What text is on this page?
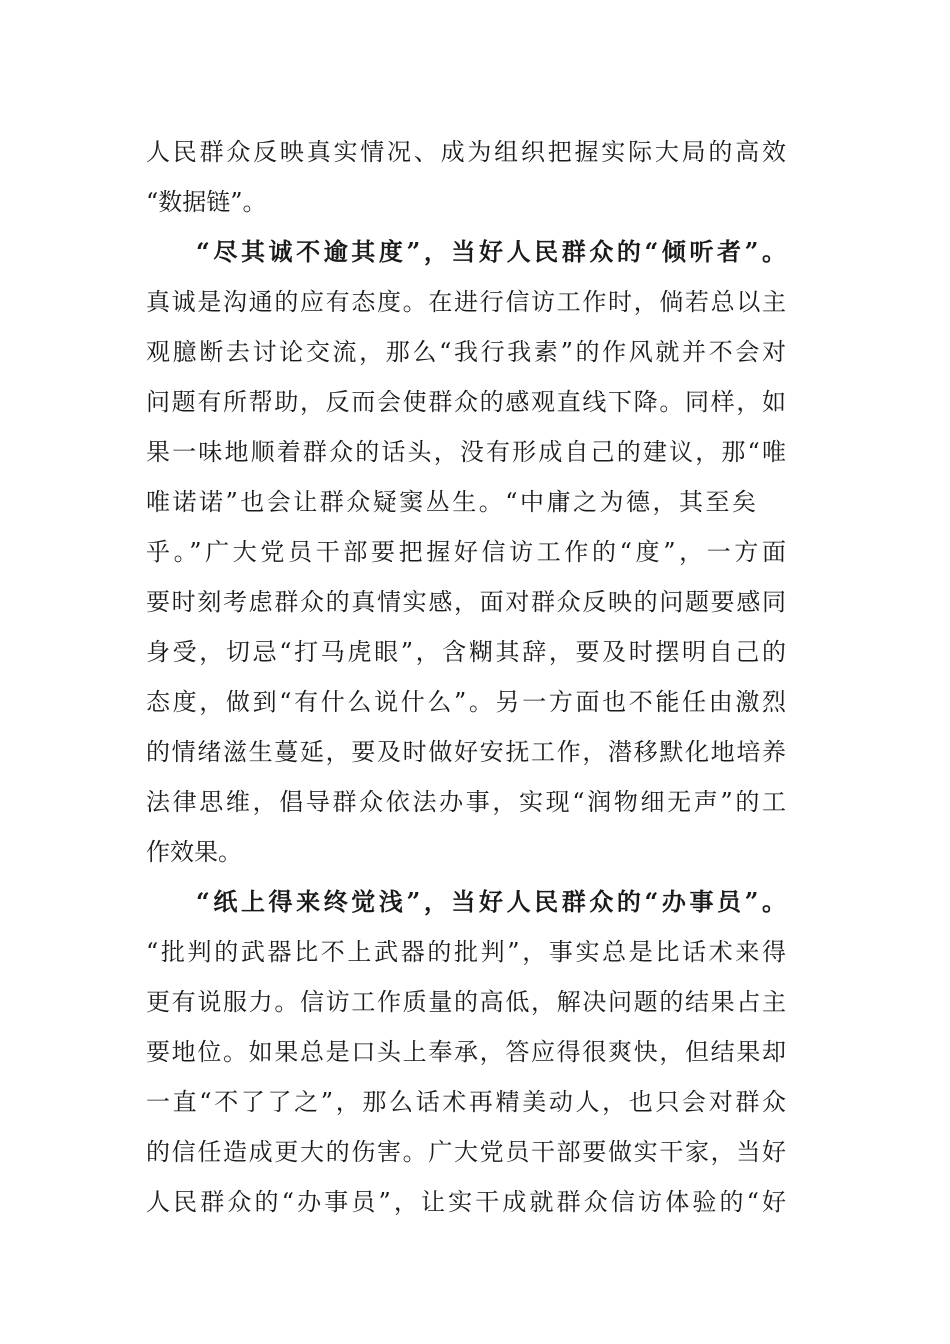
人民群众反映真实情况、成为组织把握实际大局的高效
“数据链”。
“尽其诚不逾其度”，当好人民群众的“倾听者”。
真诚是沟通的应有态度。在进行信访工作时，倘若总以主
观臆断去讨论交流，那么“我行我素”的作风就并不会对
问题有所帮助，反而会使群众的感观直线下降。同样，如
果一味地顺着群众的话头，没有形成自己的建议，那“唯
唯诺诺”也会让群众疑窦丛生。“中庸之为德，其至矣
乎。”广大党员干部要把握好信访工作的“度”，一方面
要时刻考虑群众的真情实感，面对群众反映的问题要感同
身受，切忌“打马虎眼”，含糊其辞，要及时摆明自己的
态度，做到“有什么说什么”。另一方面也不能任由激烈
的情绪滋生蔓延，要及时做好安抚工作，潜移默化地培养
法律思维，倡导群众依法办事，实现“润物细无声”的工
作效果。
“纸上得来终觉浅”，当好人民群众的“办事员”。
“批判的武器比不上武器的批判”，事实总是比话术来得
更有说服力。信访工作质量的高低，解决问题的结果占主
要地位。如果总是口头上奉承，答应得很爽快，但结果却
一直“不了了之”，那么话术再精美动人，也只会对群众
的信任造成更大的伤害。广大党员干部要做实干家，当好
人民群众的“办事员”，让实干成就群众信访体验的“好
